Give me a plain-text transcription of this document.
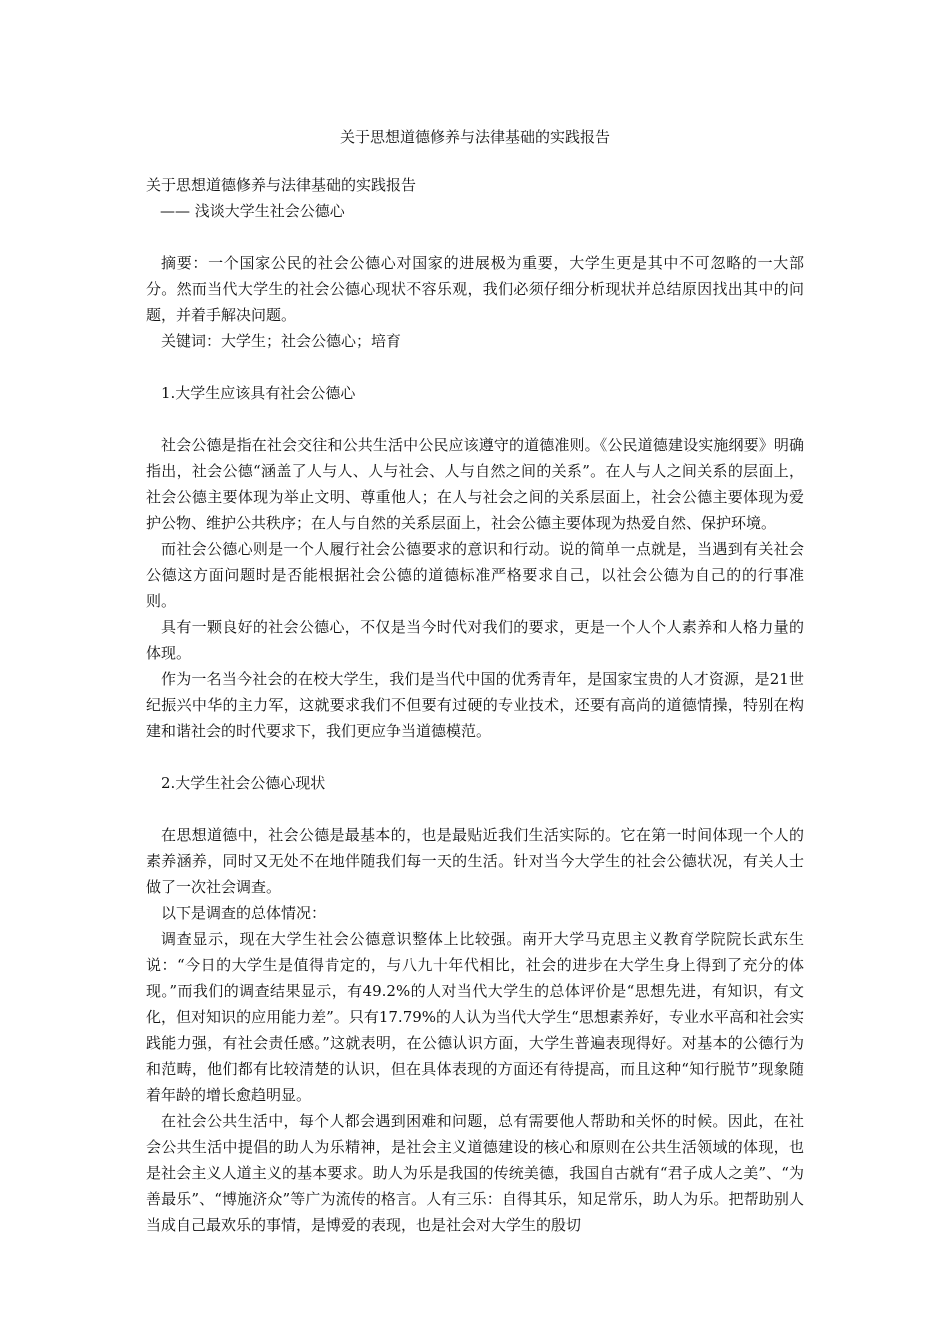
关于思想道德修养与法律基础的实践报告
关于思想道德修养与法律基础的实践报告
—— 浅谈大学生社会公德心

摘要：一个国家公民的社会公德心对国家的进展极为重要，大学生更是其中不可忽略的一大部分。然而当代大学生的社会公德心现状不容乐观，我们必须仔细分析现状并总结原因找出其中的问题，并着手解决问题。

关键词：大学生；社会公德心；培育

1.大学生应该具有社会公德心

社会公德是指在社会交往和公共生活中公民应该遵守的道德准则。《公民道德建设实施纲要》明确指出，社会公德“涵盖了人与人、人与社会、人与自然之间的关系”。在人与人之间关系的层面上，社会公德主要体现为举止文明、尊重他人；在人与社会之间的关系层面上，社会公德主要体现为爱护公物、维护公共秩序；在人与自然的关系层面上，社会公德主要体现为热爱自然、保护环境。

而社会公德心则是一个人履行社会公德要求的意识和行动。说的简单一点就是，当遇到有关社会公德这方面问题时是否能根据社会公德的道德标准严格要求自己，以社会公德为自己的的行事准则。

具有一颗良好的社会公德心，不仅是当今时代对我们的要求，更是一个人个人素养和人格力量的体现。

作为一名当今社会的在校大学生，我们是当代中国的优秀青年，是国家宝贵的人才资源，是21世纪振兴中华的主力军，这就要求我们不但要有过硬的专业技术，还要有高尚的道德情操，特别在构建和谐社会的时代要求下，我们更应争当道德模范。

2.大学生社会公德心现状

在思想道德中，社会公德是最基本的，也是最贴近我们生活实际的。它在第一时间体现一个人的素养涵养，同时又无处不在地伴随我们每一天的生活。针对当今大学生的社会公德状况，有关人士做了一次社会调查。

以下是调查的总体情况：

调查显示，现在大学生社会公德意识整体上比较强。南开大学马克思主义教育学院院长武东生说：“今日的大学生是值得肯定的，与八九十年代相比，社会的进步在大学生身上得到了充分的体现。”而我们的调查结果显示，有49.2%的人对当代大学生的总体评价是“思想先进，有知识，有文化，但对知识的应用能力差”。只有17.79%的人认为当代大学生“思想素养好，专业水平高和社会实践能力强，有社会责任感。”这就表明，在公德认识方面，大学生普遍表现得好。对基本的公德行为和范畴，他们都有比较清楚的认识，但在具体表现的方面还有待提高，而且这种“知行脱节”现象随着年龄的增长愈趋明显。

在社会公共生活中，每个人都会遇到困难和问题，总有需要他人帮助和关怀的时候。因此，在社会公共生活中提倡的助人为乐精神，是社会主义道德建设的核心和原则在公共生活领域的体现，也是社会主义人道主义的基本要求。助人为乐是我国的传统美德，我国自古就有“君子成人之美”、“为善最乐”、“博施济众”等广为流传的格言。人有三乐：自得其乐，知足常乐，助人为乐。把帮助别人当成自己最欢乐的事情，是博爱的表现，也是社会对大学生的殷切
